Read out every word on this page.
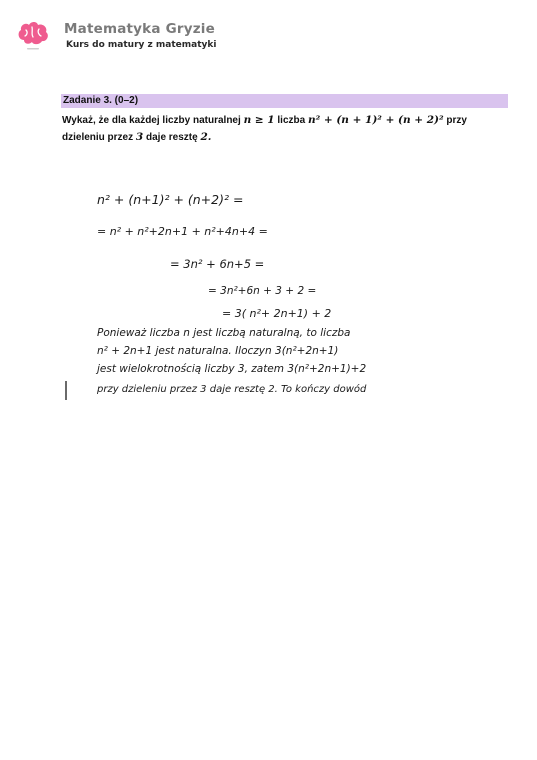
Matematyka Gryzie
Kurs do matury z matematyki
Zadanie 3. (0–2)
Wykaż, że dla każdej liczby naturalnej n ≥ 1 liczba n² + (n + 1)² + (n + 2)² przy
dzieleniu przez 3 daje resztę 2.
n² + (n+1)² + (n+2)² =
= n² + n²+2n+1 + n²+4n+4 =
= 3n² + 6n+5 =
= 3n²+6n + 3 + 2 =
= 3( n²+ 2n+1) + 2
Ponieważ liczba n jest liczbą naturalną, to liczba
n² + 2n+1 jest naturalna. Iloczyn 3(n²+2n+1)
jest wielokrotnością liczby 3, zatem 3(n²+2n+1)+2
przy dzieleniu przez 3 daje resztę 2. To kończy dowód
